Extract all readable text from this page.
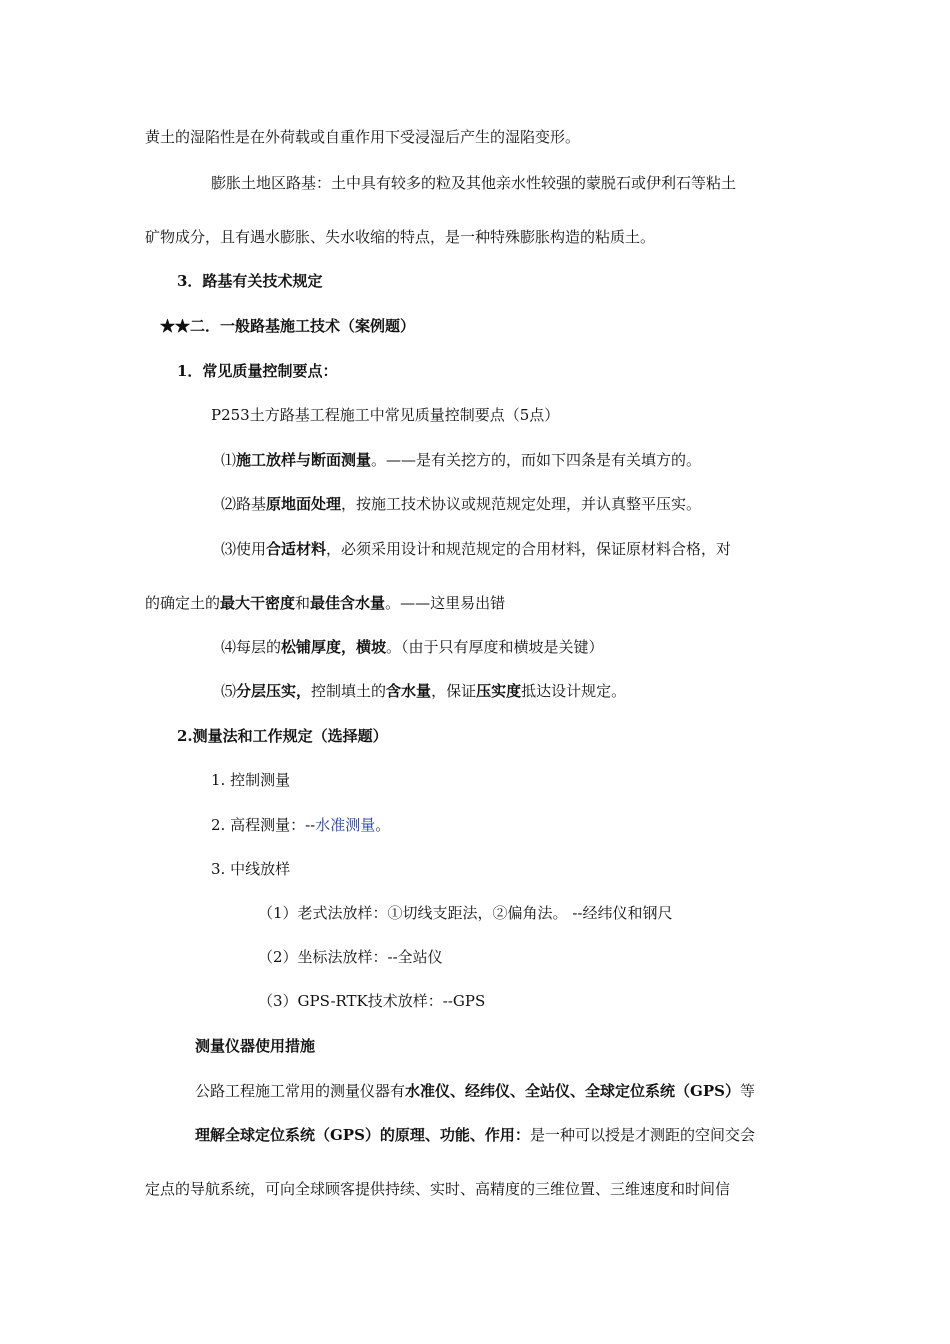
黄土的湿陷性是在外荷载或自重作用下受浸湿后产生的湿陷变形。
膨胀土地区路基：土中具有较多的粒及其他亲水性较强的蒙脱石或伊利石等粘土
矿物成分，且有遇水膨胀、失水收缩的特点，是一种特殊膨胀构造的粘质土。
3．路基有关技术规定
★★二．一般路基施工技术（案例题）
1．常见质量控制要点：
P253土方路基工程施工中常见质量控制要点（5点）
⑴施工放样与断面测量。——是有关挖方的，而如下四条是有关填方的。
⑵路基原地面处理，按施工技术协议或规范规定处理，并认真整平压实。
⑶使用合适材料，必须采用设计和规范规定的合用材料，保证原材料合格，对
的确定土的最大干密度和最佳含水量。——这里易出错
⑷每层的松铺厚度，横坡。（由于只有厚度和横坡是关键）
⑸分层压实，控制填土的含水量，保证压实度抵达设计规定。
2.测量法和工作规定（选择题）
1. 控制测量
2. 高程测量：--水准测量。
3. 中线放样
（1）老式法放样：①切线支距法，②偏角法。 --经纬仪和钢尺
（2）坐标法放样：--全站仪
（3）GPS-RTK技术放样：--GPS
测量仪器使用措施
公路工程施工常用的测量仪器有水准仪、经纬仪、全站仪、全球定位系统（GPS）等
理解全球定位系统（GPS）的原理、功能、作用：是一种可以授是才测距的空间交会
定点的导航系统，可向全球顾客提供持续、实时、高精度的三维位置、三维速度和时间信
